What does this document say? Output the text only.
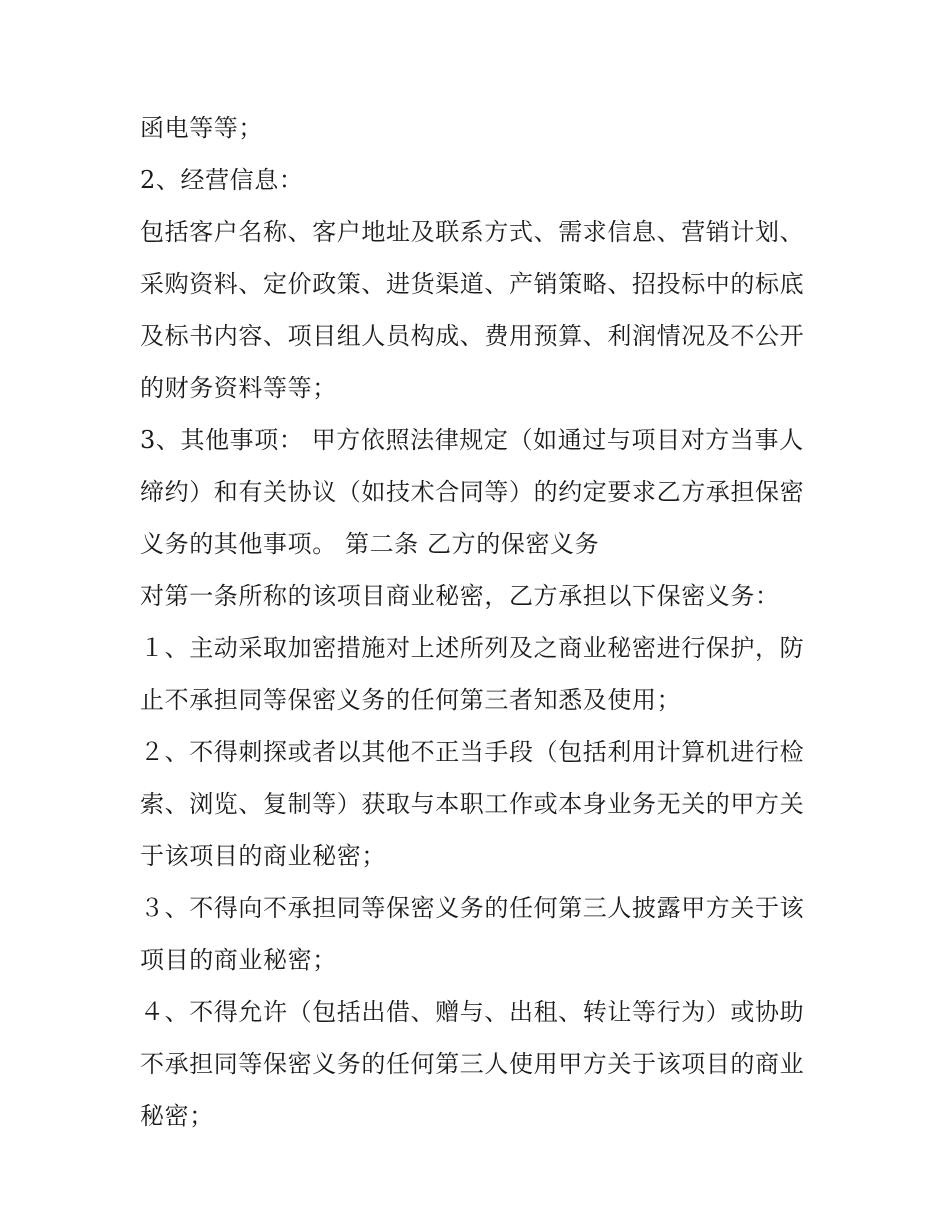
函电等等；
2、经营信息：
包括客户名称、客户地址及联系方式、需求信息、营销计划、
采购资料、定价政策、进货渠道、产销策略、招投标中的标底
及标书内容、项目组人员构成、费用预算、利润情况及不公开
的财务资料等等；
3、其他事项： 甲方依照法律规定（如通过与项目对方当事人
缔约）和有关协议（如技术合同等）的约定要求乙方承担保密
义务的其他事项。 第二条 乙方的保密义务
对第一条所称的该项目商业秘密，乙方承担以下保密义务：
１、主动采取加密措施对上述所列及之商业秘密进行保护，防
止不承担同等保密义务的任何第三者知悉及使用；
２、不得刺探或者以其他不正当手段（包括利用计算机进行检
索、浏览、复制等）获取与本职工作或本身业务无关的甲方关
于该项目的商业秘密；
３、不得向不承担同等保密义务的任何第三人披露甲方关于该
项目的商业秘密；
４、不得允许（包括出借、赠与、出租、转让等行为）或协助
不承担同等保密义务的任何第三人使用甲方关于该项目的商业
秘密；
